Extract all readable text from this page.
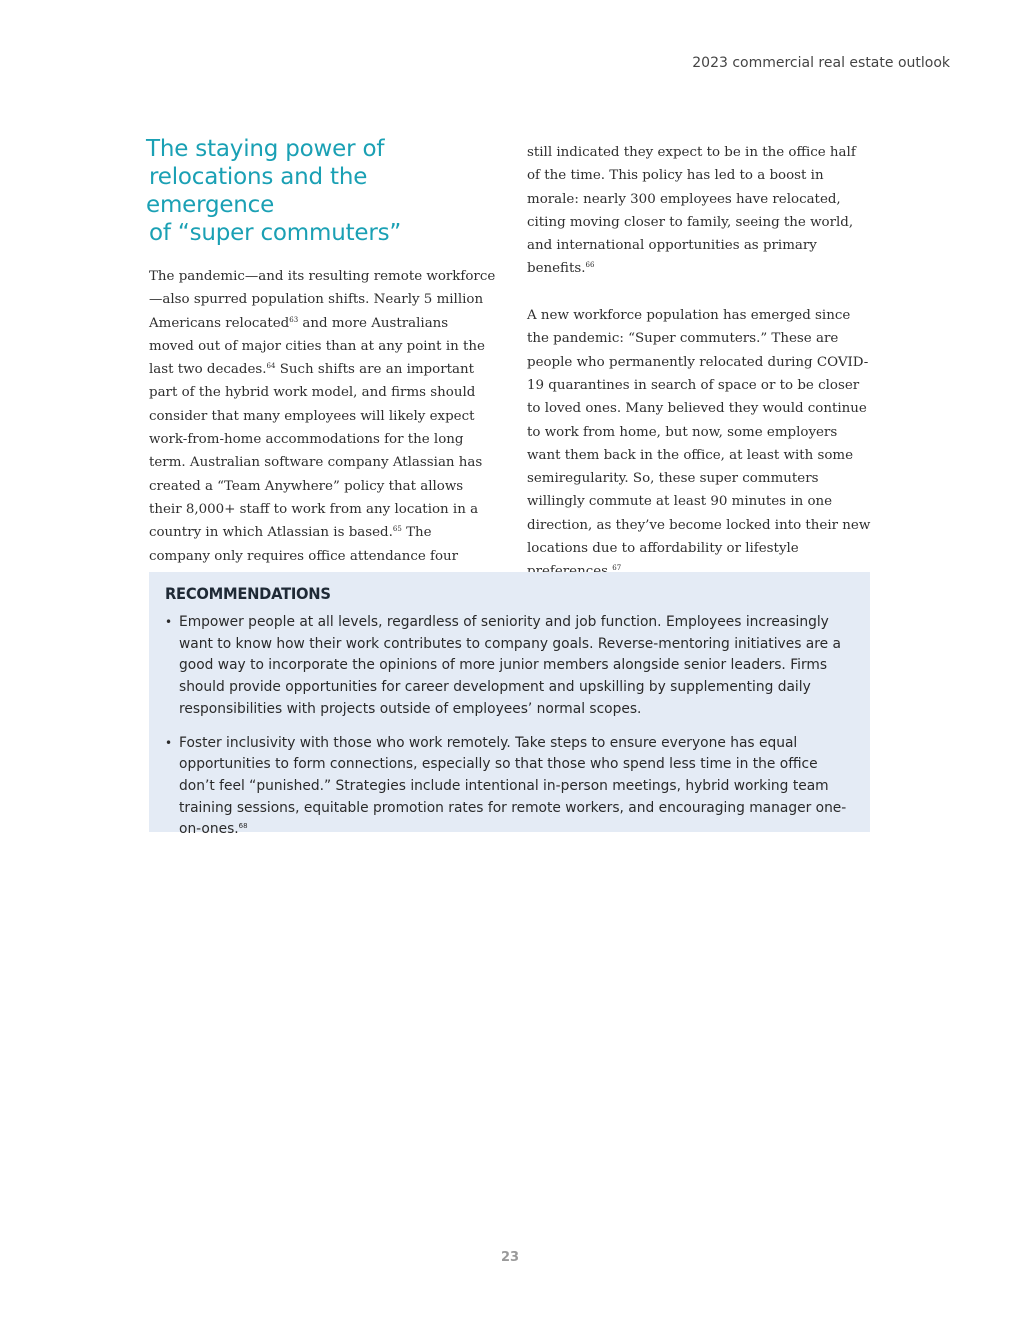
2023 commercial real estate outlook
The staying power of
relocations and the emergence
of “super commuters”

The pandemic—and its resulting remote workforce—also spurred population shifts. Nearly 5 million Americans relocated$^{63}$ and more Australians moved out of major cities than at any point in the last two decades.$^{64}$ Such shifts are an important part of the hybrid work model, and firms should consider that many employees will likely expect work-from-home accommodations for the long term. Australian software company Atlassian has created a “Team Anywhere” policy that allows their 8,000+ staff to work from any location in a country in which Atlassian is based.$^{65}$ The company only requires office attendance four

still indicated they expect to be in the office half of the time. This policy has led to a boost in morale: nearly 300 employees have relocated, citing moving closer to family, seeing the world, and international opportunities as primary benefits.$^{66}$

A new workforce population has emerged since the pandemic: “Super commuters.” These are people who permanently relocated during COVID-19 quarantines in search of space or to be closer to loved ones. Many believed they would continue to work from home, but now, some employers want them back in the office, at least with some semiregularity. So, these super commuters willingly commute at least 90 minutes in one direction, as they’ve become locked into their new locations due to affordability or lifestyle $^{67}$

RECOMMENDATIONS
• Empower people at all levels, regardless of seniority and job function. Employees increasingly want to know how their work contributes to company goals. Reverse-mentoring initiatives are a good way to incorporate the opinions of more junior members alongside senior leaders. Firms should provide opportunities for career development and upskilling by supplementing daily responsibilities with projects outside of employees’ normal scopes.
• Foster inclusivity with those who work remotely. Take steps to ensure everyone has equal opportunities to form connections, especially so that those who spend less time in the office don’t feel “punished.” Strategies include intentional in-person meetings, hybrid working team training sessions, equitable promotion rates for remote workers, and encouraging manager one-on-ones.$^{68}$
23
